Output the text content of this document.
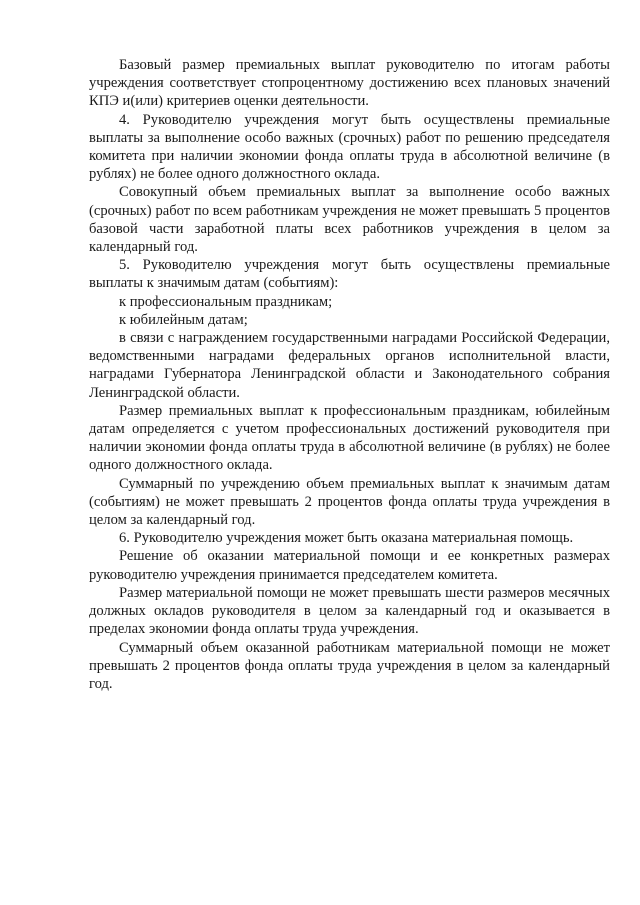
Базовый размер премиальных выплат руководителю по итогам работы учреждения соответствует стопроцентному достижению всех плановых значений КПЭ и(или) критериев оценки деятельности.

4. Руководителю учреждения могут быть осуществлены премиальные выплаты за выполнение особо важных (срочных) работ по решению председателя комитета при наличии экономии фонда оплаты труда в абсолютной величине (в рублях) не более одного должностного оклада.

Совокупный объем премиальных выплат за выполнение особо важных (срочных) работ по всем работникам учреждения не может превышать 5 процентов базовой части заработной платы всех работников учреждения в целом за календарный год.

5. Руководителю учреждения могут быть осуществлены премиальные выплаты к значимым датам (событиям):

к профессиональным праздникам;

к юбилейным датам;

в связи с награждением государственными наградами Российской Федерации, ведомственными наградами федеральных органов исполнительной власти, наградами Губернатора Ленинградской области и Законодательного собрания Ленинградской области.

Размер премиальных выплат к профессиональным праздникам, юбилейным датам определяется с учетом профессиональных достижений руководителя при наличии экономии фонда оплаты труда в абсолютной величине (в рублях) не более одного должностного оклада.

Суммарный по учреждению объем премиальных выплат к значимым датам (событиям) не может превышать 2 процентов фонда оплаты труда учреждения в целом за календарный год.

6. Руководителю учреждения может быть оказана материальная помощь.

Решение об оказании материальной помощи и ее конкретных размерах руководителю учреждения принимается председателем комитета.

Размер материальной помощи не может превышать шести размеров месячных должных окладов руководителя в целом за календарный год и оказывается в пределах экономии фонда оплаты труда учреждения.

Суммарный объем оказанной работникам материальной помощи не может превышать 2 процентов фонда оплаты труда учреждения в целом за календарный год.
